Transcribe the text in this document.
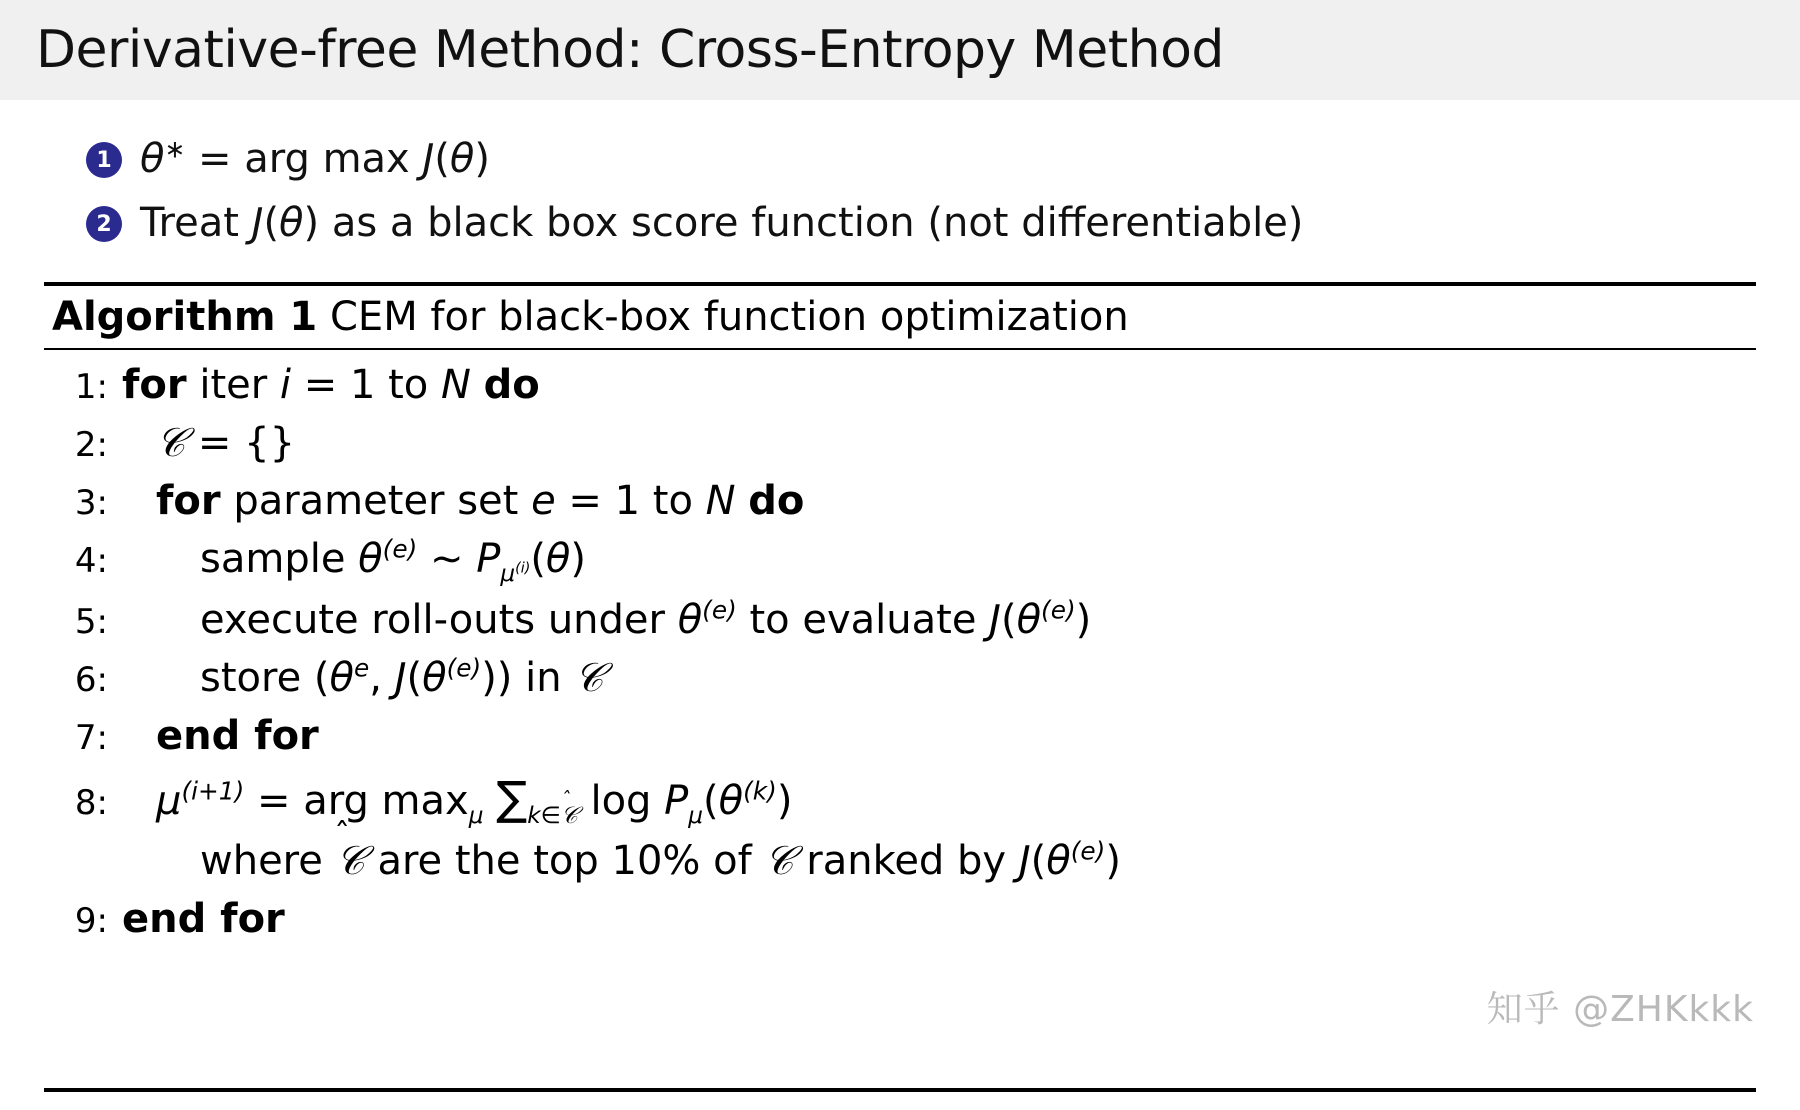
Derivative-free Method: Cross-Entropy Method
1 θ∗ = arg max J(θ)
2 Treat J(θ) as a black box score function (not differentiable)
Algorithm 1 CEM for black-box function optimization
1: for iter i = 1 to N do
2:	𝒞 = {}
3:	for parameter set e = 1 to N do
4:	sample $\theta^{(e)}$ ∼ $P_{\mu^{(i)}}(\theta)$
5:	execute roll-outs under $\theta^{(e)}$ to evaluate $J(\theta^{(e)})$
6:	store ($\theta^e$, $J(\theta^{(e)})$) in 𝒞
7:	end for
8:	$\mu^{(i+1)}$ = arg $\max_\mu \sum_{k\in 𝒞}$ $\log P_\mu(\theta^{(k)})$
where
𝒞 are the top 10% of 𝒞 ranked by $J(\theta^{(e)})$
9: end for
知乎 @ZHKkkk
